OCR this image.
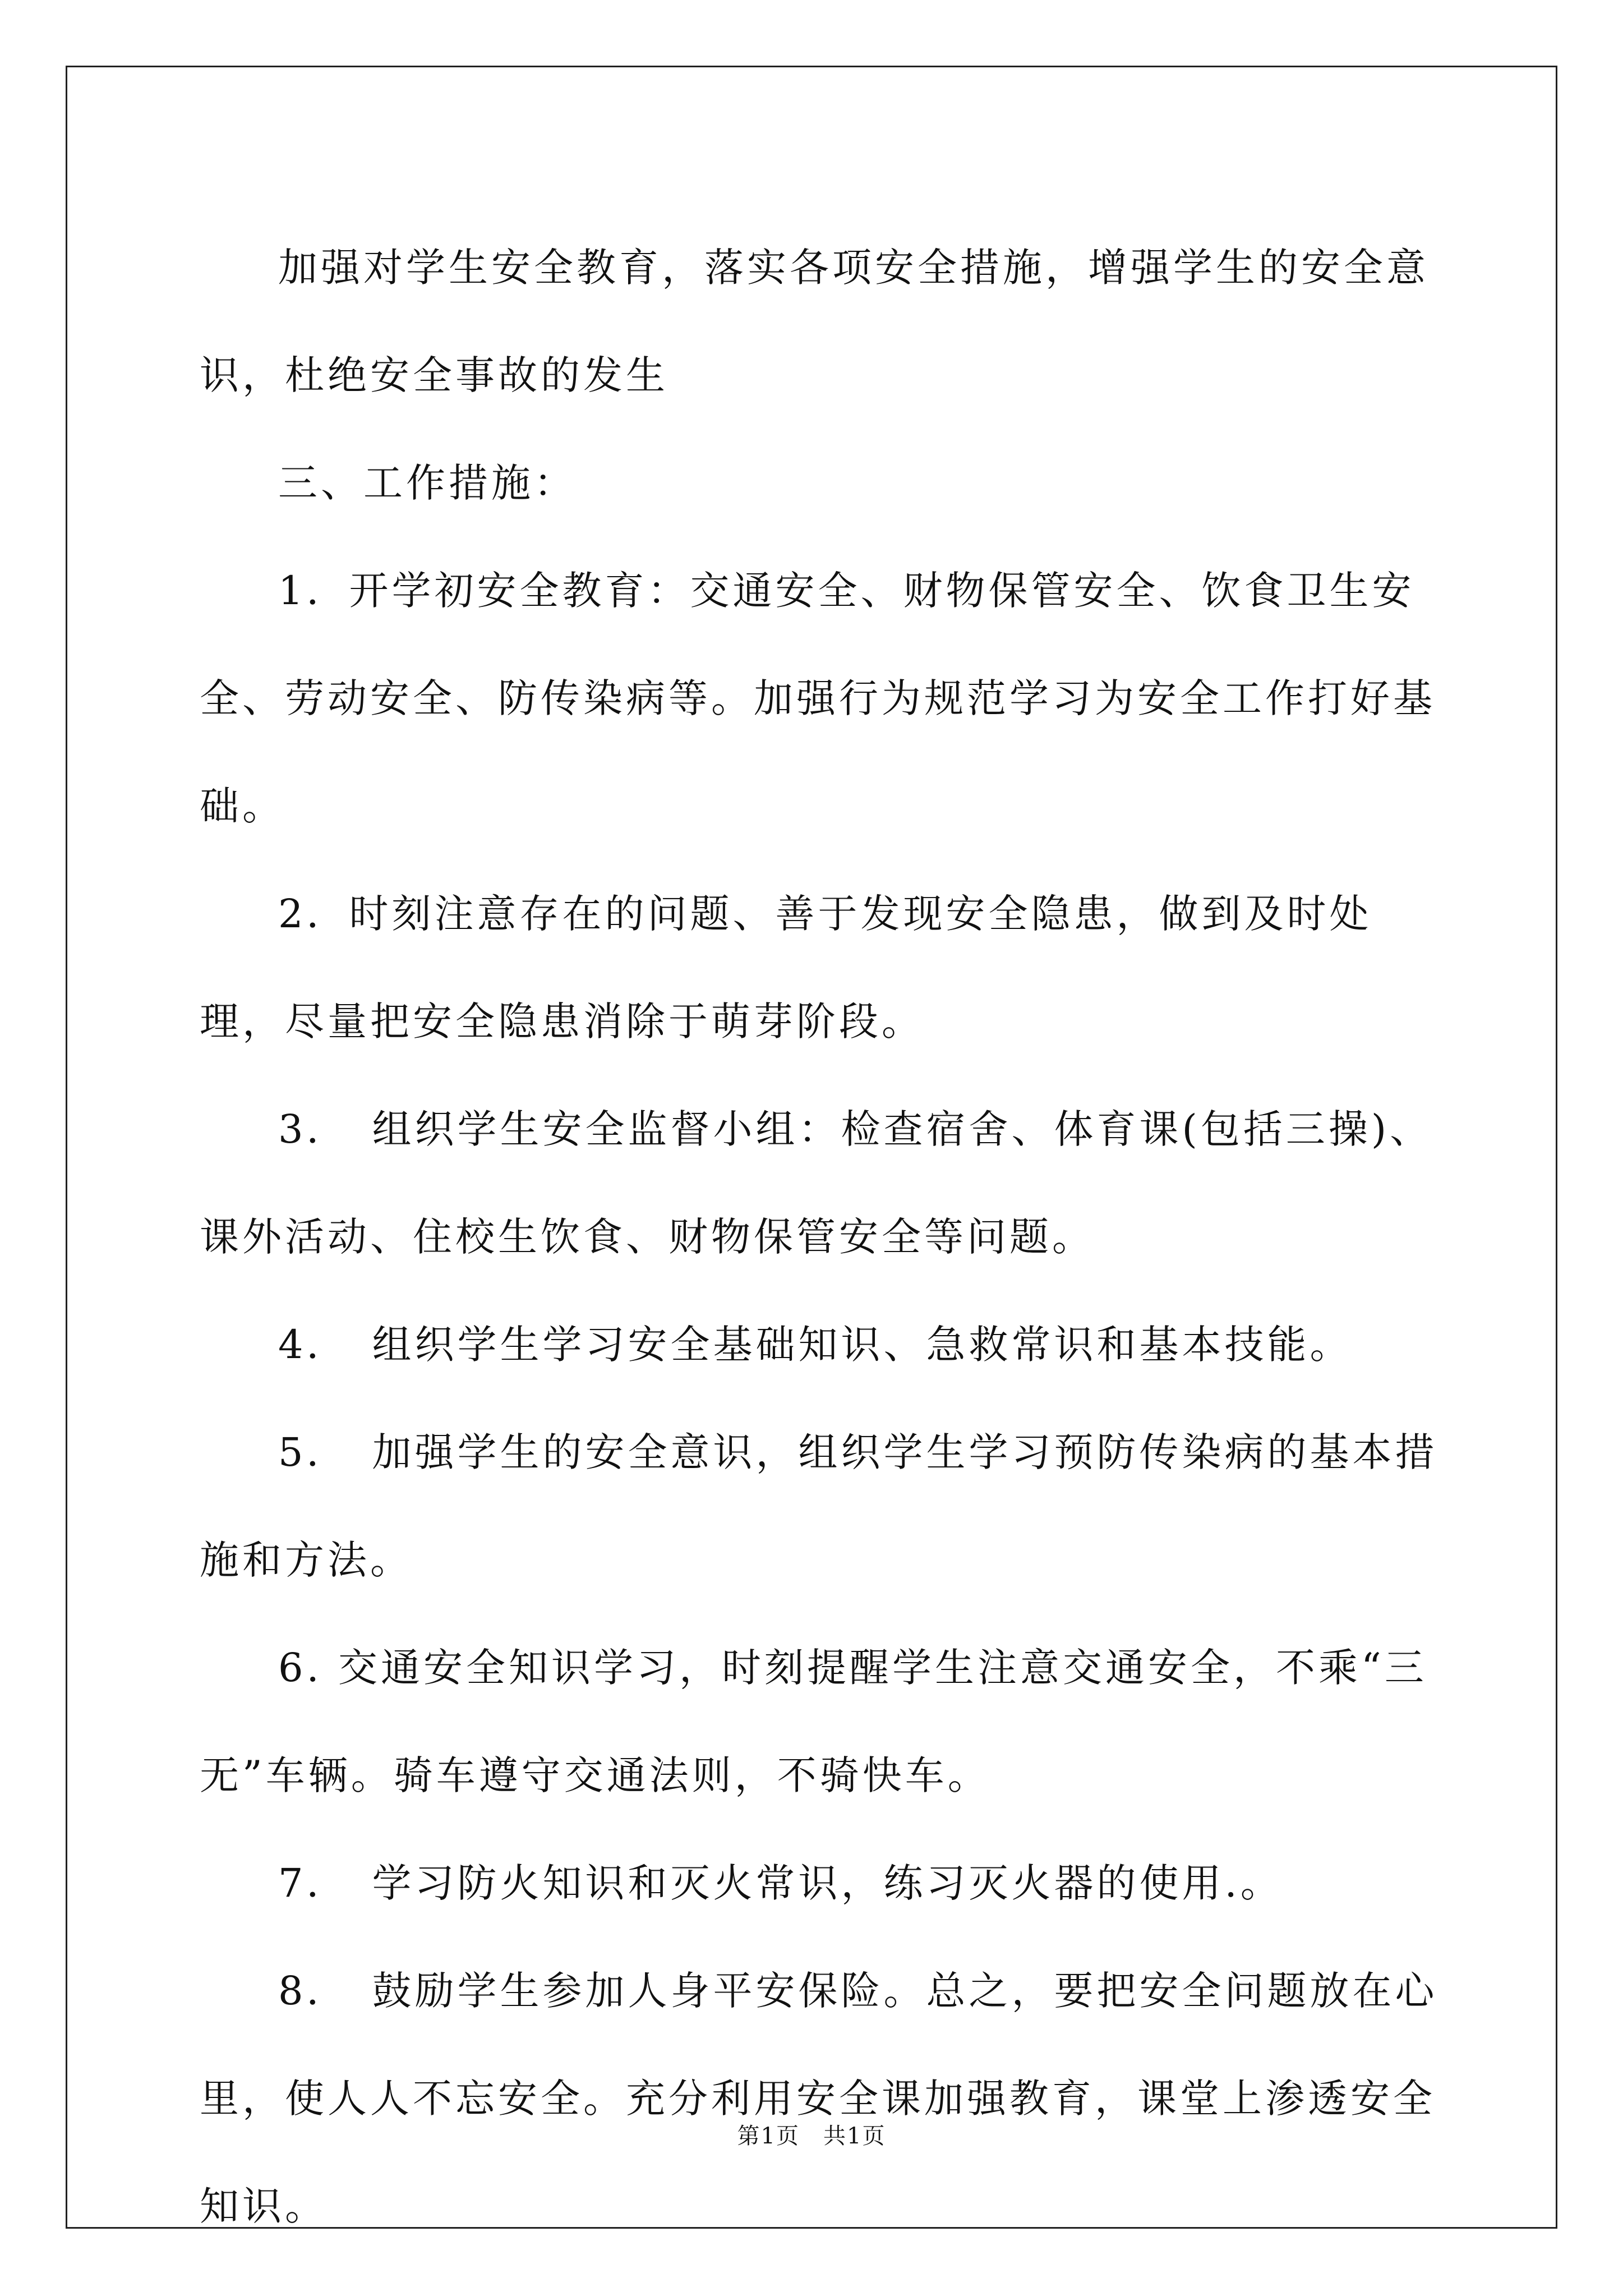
加强对学生安全教育，落实各项安全措施，增强学生的安全意识，杜绝安全事故的发生

三、工作措施：

1．开学初安全教育：交通安全、财物保管安全、饮食卫生安全、劳动安全、防传染病等。加强行为规范学习为安全工作打好基础。

2．时刻注意存在的问题、善于发现安全隐患，做到及时处理，尽量把安全隐患消除于萌芽阶段。

3．　组织学生安全监督小组：检查宿舍、体育课(包括三操)、课外活动、住校生饮食、财物保管安全等问题。

4．　组织学生学习安全基础知识、急救常识和基本技能。

5．　加强学生的安全意识，组织学生学习预防传染病的基本措施和方法。

6. 交通安全知识学习，时刻提醒学生注意交通安全，不乘“三无”车辆。骑车遵守交通法则，不骑快车。

7．　学习防火知识和灭火常识，练习灭火器的使用.。

8．　鼓励学生参加人身平安保险。总之，要把安全问题放在心里，使人人不忘安全。充分利用安全课加强教育，课堂上渗透安全知识。

第1页　共1页
